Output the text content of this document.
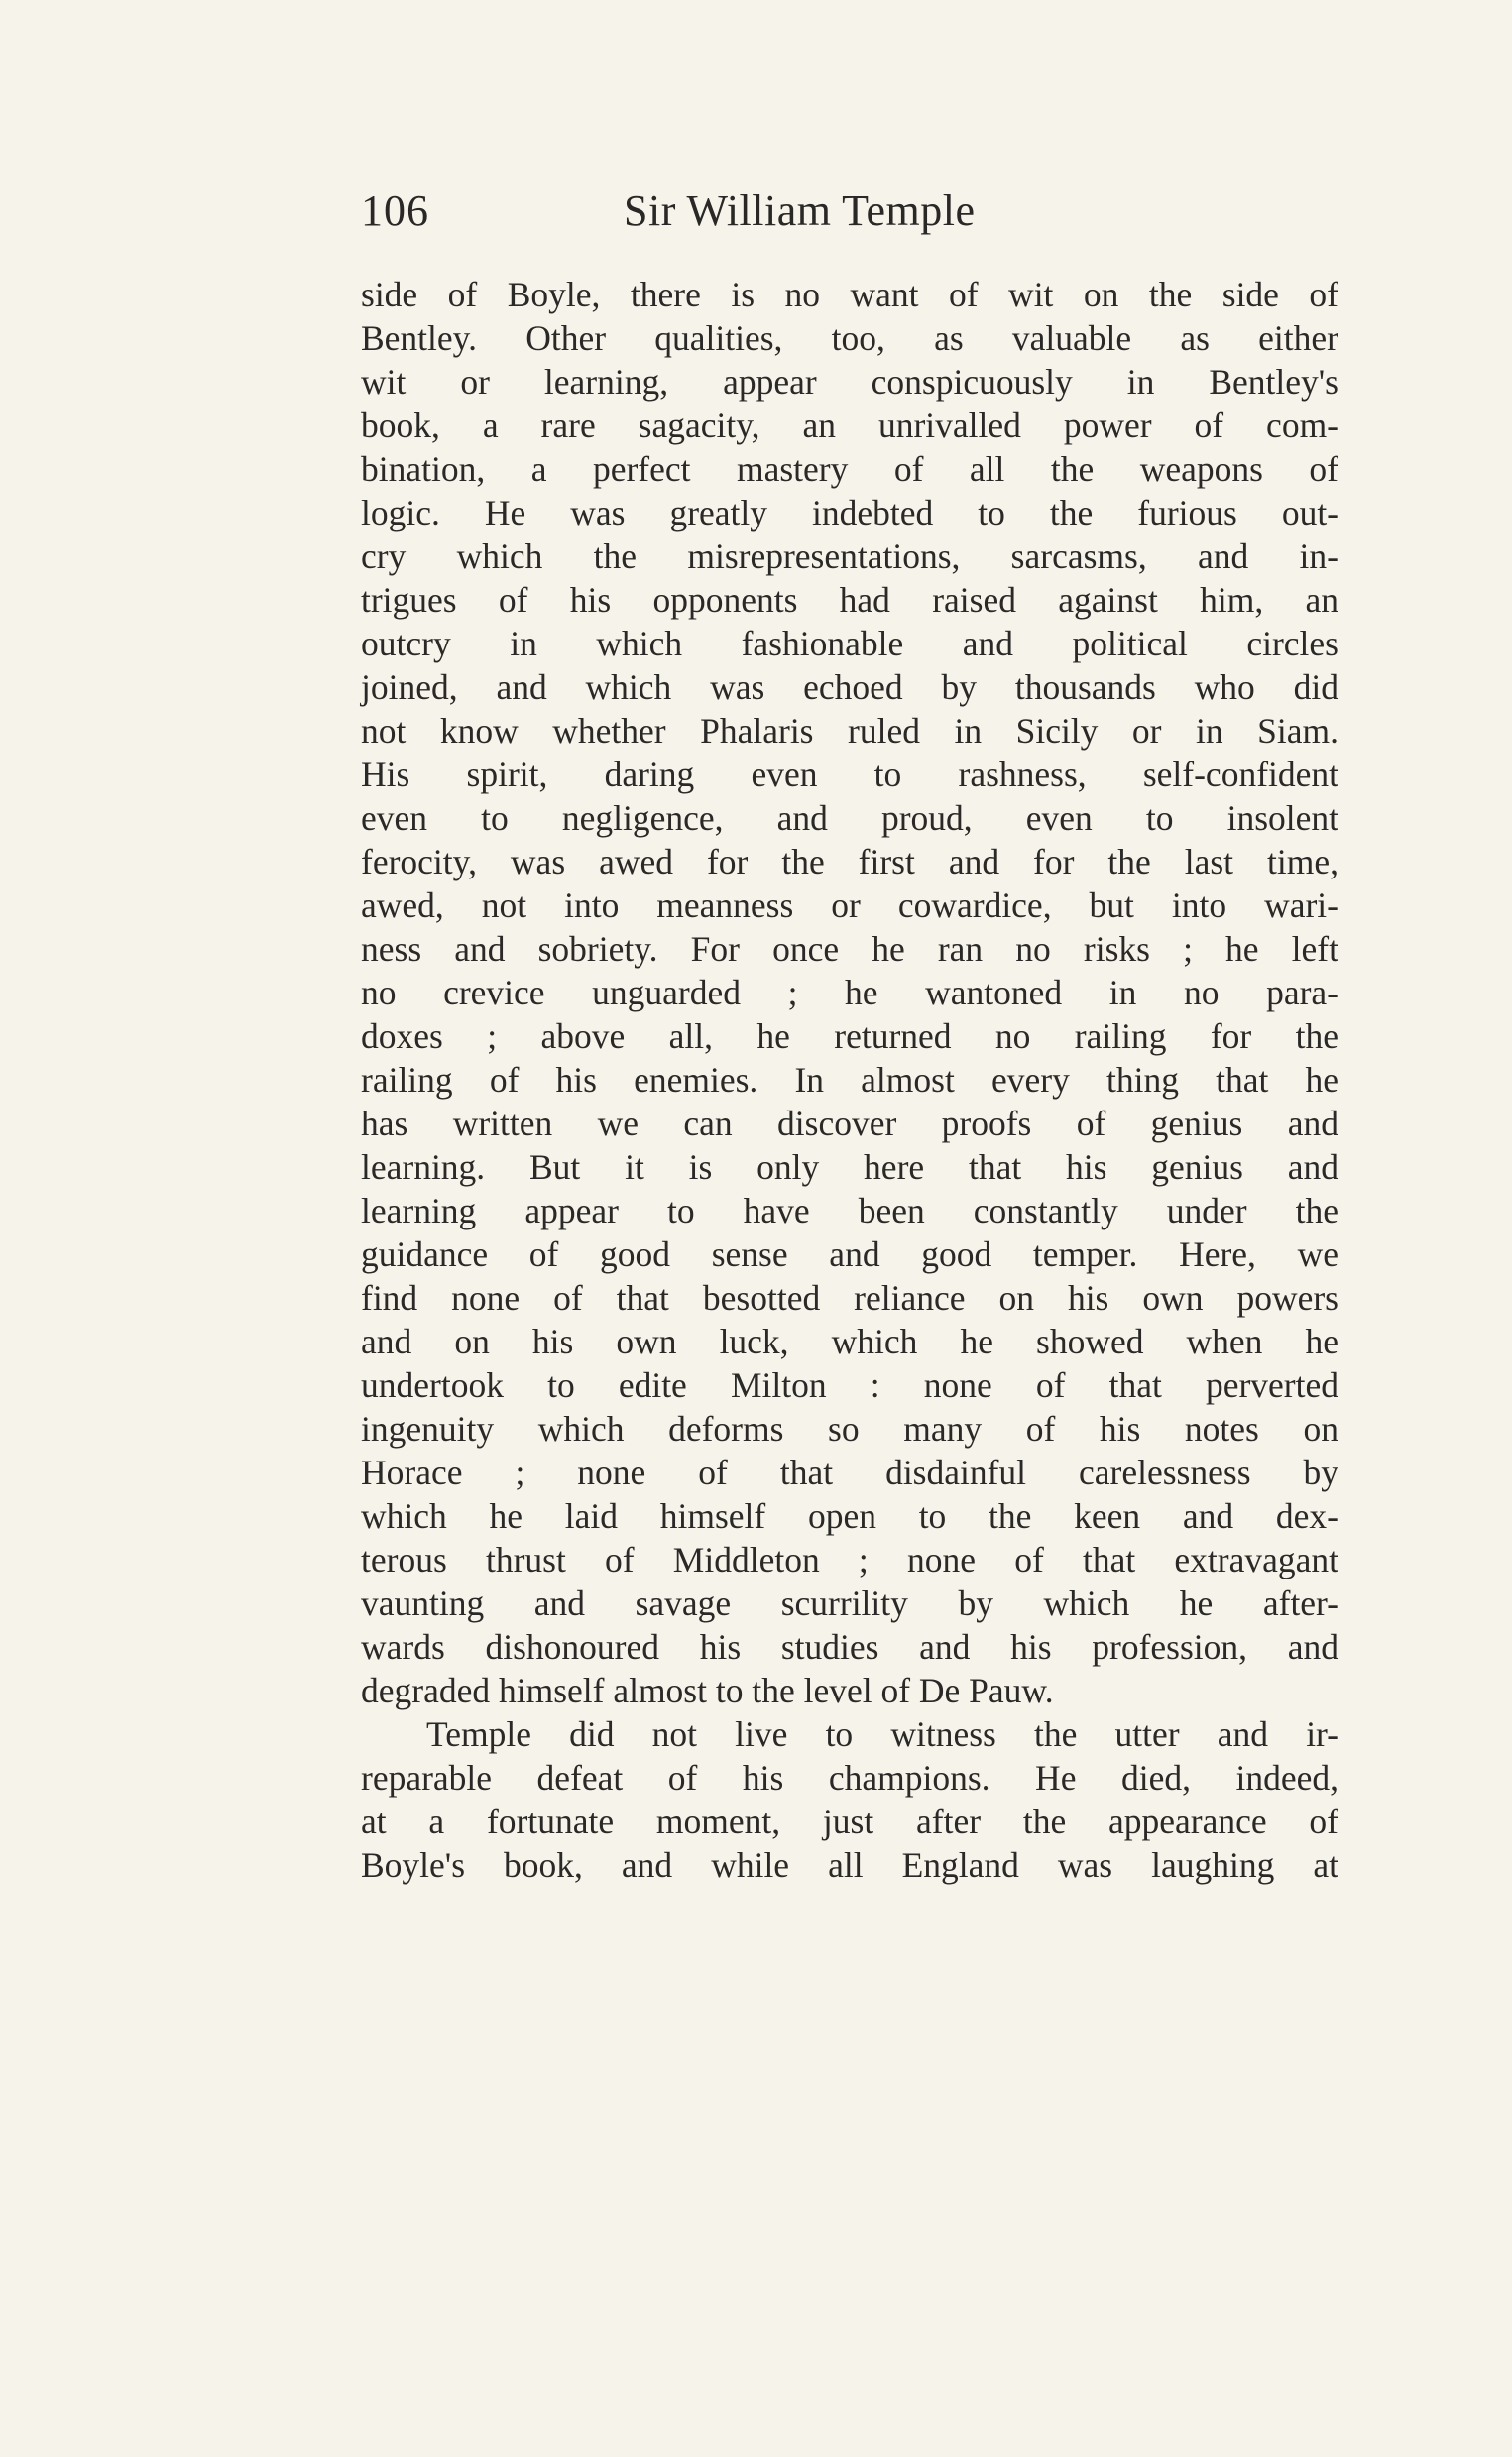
106	Sir William Temple
side of Boyle, there is no want of wit on the side of
Bentley. Other qualities, too, as valuable as either
wit or learning, appear conspicuously in Bentley's
book, a rare sagacity, an unrivalled power of com-
bination, a perfect mastery of all the weapons of
logic. He was greatly indebted to the furious out-
cry which the misrepresentations, sarcasms, and in-
trigues of his opponents had raised against him, an
outcry in which fashionable and political circles
joined, and which was echoed by thousands who did
not know whether Phalaris ruled in Sicily or in Siam.
His spirit, daring even to rashness, self-confident
even to negligence, and proud, even to insolent
ferocity, was awed for the first and for the last time,
awed, not into meanness or cowardice, but into wari-
ness and sobriety. For once he ran no risks ; he left
no crevice unguarded ; he wantoned in no para-
doxes ; above all, he returned no railing for the
railing of his enemies. In almost every thing that he
has written we can discover proofs of genius and
learning. But it is only here that his genius and
learning appear to have been constantly under the
guidance of good sense and good temper. Here, we
find none of that besotted reliance on his own powers
and on his own luck, which he showed when he
undertook to edite Milton : none of that perverted
ingenuity which deforms so many of his notes on
Horace ; none of that disdainful carelessness by
which he laid himself open to the keen and dex-
terous thrust of Middleton ; none of that extravagant
vaunting and savage scurrility by which he after-
wards dishonoured his studies and his profession, and
degraded himself almost to the level of De Pauw.
Temple did not live to witness the utter and ir-
reparable defeat of his champions. He died, indeed,
at a fortunate moment, just after the appearance of
Boyle's book, and while all England was laughing at
